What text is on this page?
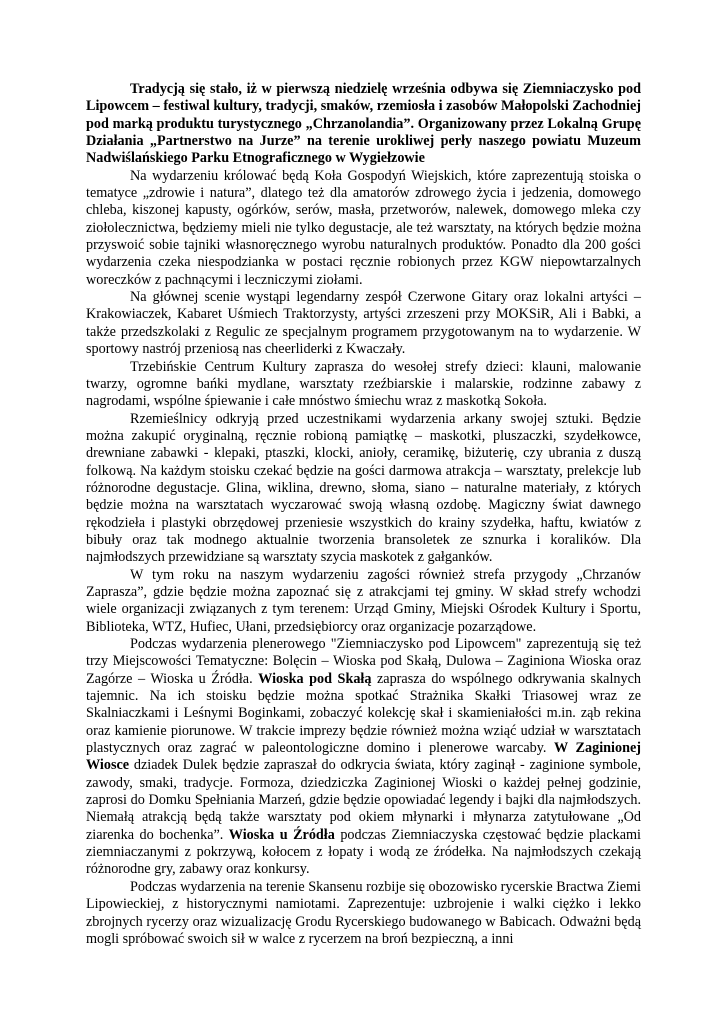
Tradycją się stało, iż w pierwszą niedzielę września odbywa się Ziemniaczysko pod Lipowcem – festiwal kultury, tradycji, smaków, rzemiosła i zasobów Małopolski Zachodniej pod marką produktu turystycznego „Chrzanolandia”. Organizowany przez Lokalną Grupę Działania „Partnerstwo na Jurze” na terenie urokliwej perły naszego powiatu Muzeum Nadwiślańskiego Parku Etnograficznego w Wygiełzowie

Na wydarzeniu królować będą Koła Gospodyń Wiejskich, które zaprezentują stoiska o tematyce „zdrowie i natura”, dlatego też dla amatorów zdrowego życia i jedzenia, domowego chleba, kiszonej kapusty, ogórków, serów, masła, przetworów, nalewek, domowego mleka czy ziołolecznictwa, będziemy mieli nie tylko degustacje, ale też warsztaty, na których będzie można przyswoić sobie tajniki własnoręcznego wyrobu naturalnych produktów. Ponadto dla 200 gości wydarzenia czeka niespodzianka w postaci ręcznie robionych przez KGW niepowtarzalnych woreczków z pachnącymi i leczniczymi ziołami.

Na głównej scenie wystąpi legendarny zespół Czerwone Gitary oraz lokalni artyści – Krakowiaczek, Kabaret Uśmiech Traktorzysty, artyści zrzeszeni przy MOKSiR, Ali i Babki, a także przedszkolaki z Regulic ze specjalnym programem przygotowanym na to wydarzenie. W sportowy nastrój przeniosą nas cheerliderki z Kwaczały.

Trzebińskie Centrum Kultury zaprasza do wesołej strefy dzieci: klauni, malowanie twarzy, ogromne bańki mydlane, warsztaty rzeźbiarskie i malarskie, rodzinne zabawy z nagrodami, wspólne śpiewanie i całe mnóstwo śmiechu wraz z maskotką Sokoła.

Rzemieślnicy odkryją przed uczestnikami wydarzenia arkany swojej sztuki. Będzie można zakupić oryginalną, ręcznie robioną pamiątkę – maskotki, pluszaczki, szydełkowce, drewniane zabawki - klepaki, ptaszki, klocki, anioły, ceramikę, biżuterię, czy ubrania z duszą folkową. Na każdym stoisku czekać będzie na gości darmowa atrakcja – warsztaty, prelekcje lub różnorodne degustacje. Glina, wiklina, drewno, słoma, siano – naturalne materiały, z których będzie można na warsztatach wyczarować swoją własną ozdobę. Magiczny świat dawnego rękodzieła i plastyki obrzędowej przeniesie wszystkich do krainy szydełka, haftu, kwiatów z bibuły oraz tak modnego aktualnie tworzenia bransoletek ze sznurka i koralików. Dla najmłodszych przewidziane są warsztaty szycia maskotek z gałganków.

W tym roku na naszym wydarzeniu zagości również strefa przygody „Chrzanów Zaprasza”, gdzie będzie można zapoznać się z atrakcjami tej gminy. W skład strefy wchodzi wiele organizacji związanych z tym terenem: Urząd Gminy, Miejski Ośrodek Kultury i Sportu, Biblioteka, WTZ, Hufiec, Ułani, przedsiębiorcy oraz organizacje pozarządowe.

Podczas wydarzenia plenerowego "Ziemniaczysko pod Lipowcem" zaprezentują się też trzy Miejscowości Tematyczne: Bolęcin – Wioska pod Skałą, Dulowa – Zaginiona Wioska oraz Zagórze – Wioska u Źródła. Wioska pod Skałą zaprasza do wspólnego odkrywania skalnych tajemnic. Na ich stoisku będzie można spotkać Strażnika Skałki Triasowej wraz ze Skalniaczkami i Leśnymi Boginkami, zobaczyć kolekcję skał i skamieniałości m.in. ząb rekina oraz kamienie piorunowe. W trakcie imprezy będzie również można wziąć udział w warsztatach plastycznych oraz zagrać w paleontologiczne domino i plenerowe warcaby. W Zaginionej Wiosce dziadek Dulek będzie zapraszał do odkrycia świata, który zaginął - zaginione symbole, zawody, smaki, tradycje. Formoza, dziedziczka Zaginionej Wioski o każdej pełnej godzinie, zaprosi do Domku Spełniania Marzeń, gdzie będzie opowiadać legendy i bajki dla najmłodszych. Niemałą atrakcją będą także warsztaty pod okiem młynarki i młynarza zatytułowane „Od ziarenka do bochenka”. Wioska u Źródła podczas Ziemniaczyska częstować będzie plackami ziemniaczanymi z pokrzywą, kołocem z łopaty i wodą ze źródełka. Na najmłodszych czekają różnorodne gry, zabawy oraz konkursy.

Podczas wydarzenia na terenie Skansenu rozbije się obozowisko rycerskie Bractwa Ziemi Lipowieckiej, z historycznymi namiotami. Zaprezentuje: uzbrojenie i walki ciężko i lekko zbrojnych rycerzy oraz wizualizację Grodu Rycerskiego budowanego w Babicach. Odważni będą mogli spróbować swoich sił w walce z rycerzem na broń bezpieczną, a inni
